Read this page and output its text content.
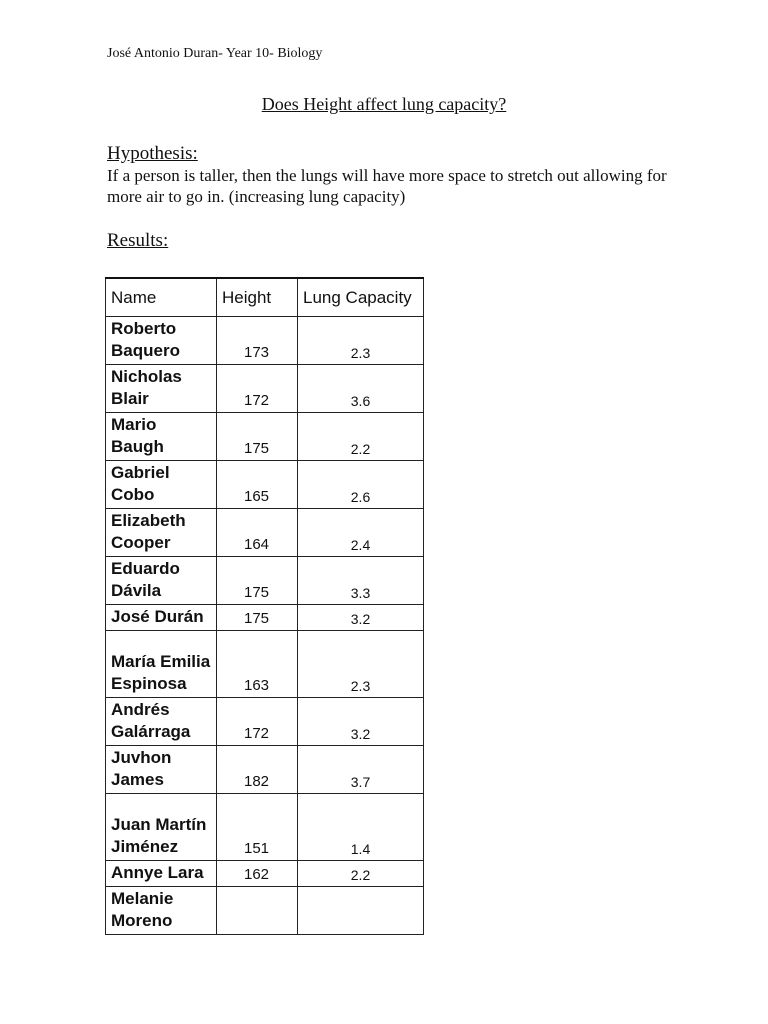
José Antonio Duran- Year 10- Biology
Does Height affect lung capacity?
Hypothesis:
If a person is taller, then the lungs will have more space to stretch out allowing for more air to go in. (increasing lung capacity)
Results:
Name	Height	Lung Capacity
Roberto Baquero	173	2.3
Nicholas Blair	172	3.6
Mario Baugh	175	2.2
Gabriel Cobo	165	2.6
Elizabeth Cooper	164	2.4
Eduardo Dávila	175	3.3
José Durán	175	3.2
María Emilia Espinosa	163	2.3
Andrés Galárraga	172	3.2
Juvhon James	182	3.7
Juan Martín Jiménez	151	1.4
Annye Lara	162	2.2
Melanie Moreno		
